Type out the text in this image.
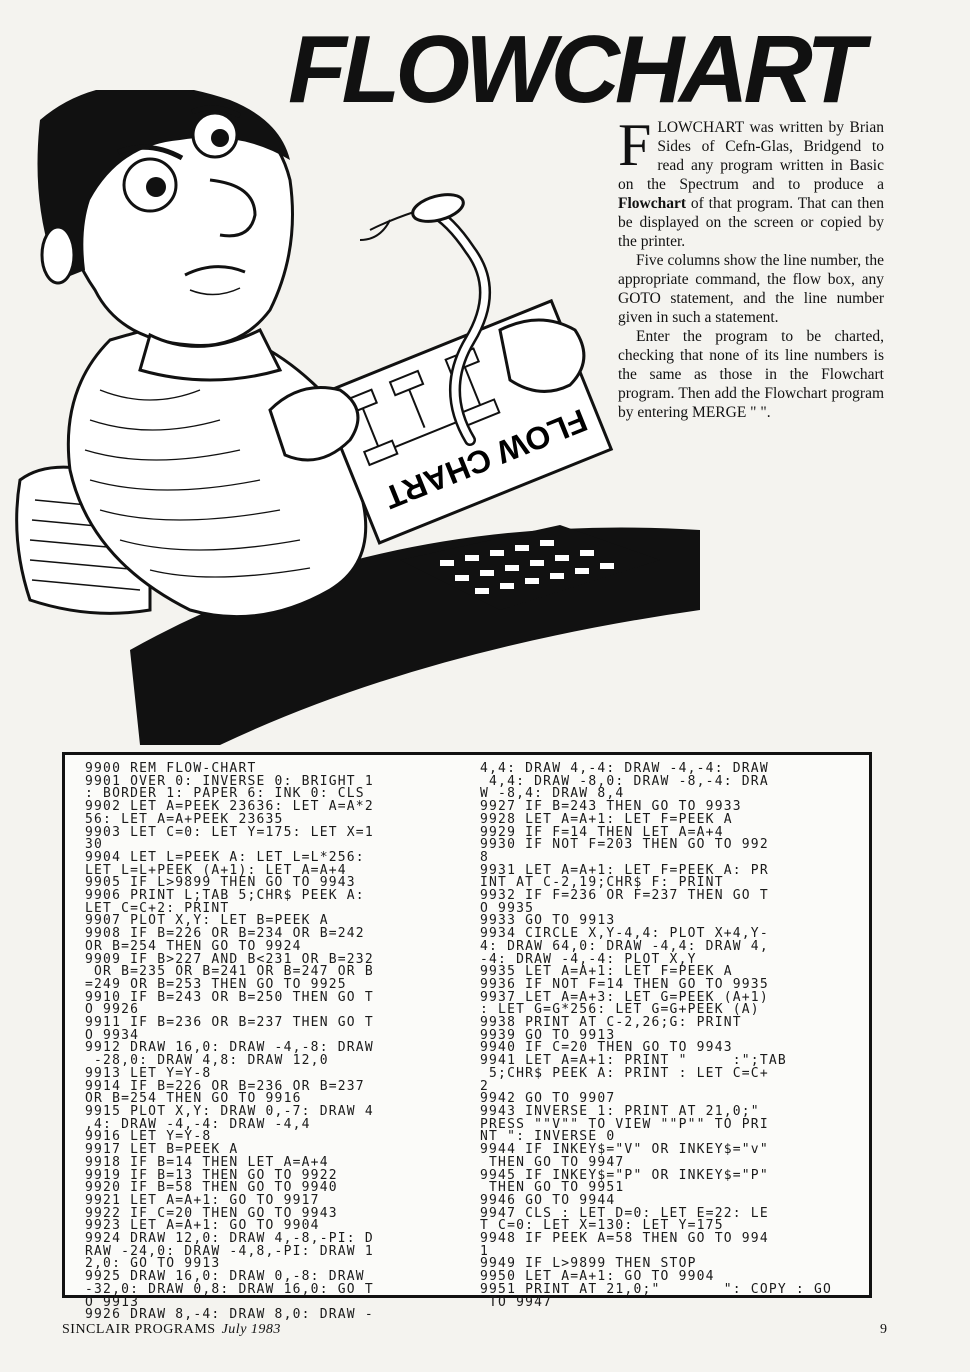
FLOWCHART
FLOW CHART

FLOWCHART was written by Brian Sides of Cefn-Glas, Bridgend to read any program written in Basic on the Spectrum and to produce a Flowchart of that program. That can then be displayed on the screen or copied by the printer.

Five columns show the line number, the appropriate command, the flow box, any GOTO statement, and the line number given in such a statement.

Enter the program to be charted, checking that none of its line numbers is the same as those in the Flowchart program. Then add the Flowchart program by entering MERGE " ".

9900 REM FLOW-CHART
9901 OVER 0: INVERSE 0: BRIGHT 1
: BORDER 1: PAPER 6: INK 0: CLS
9902 LET A=PEEK 23636: LET A=A*2
56: LET A=A+PEEK 23635
9903 LET C=0: LET Y=175: LET X=1
30
9904 LET L=PEEK A: LET L=L*256:
LET L=L+PEEK (A+1): LET A=A+4
9905 IF L>9899 THEN GO TO 9943
9906 PRINT L;TAB 5;CHR$ PEEK A:
LET C=C+2: PRINT
9907 PLOT X,Y: LET B=PEEK A
9908 IF B=226 OR B=234 OR B=242
OR B=254 THEN GO TO 9924
9909 IF B>227 AND B<231 OR B=232
OR B=235 OR B=241 OR B=247 OR B
=249 OR B=253 THEN GO TO 9925
9910 IF B=243 OR B=250 THEN GO T
O 9926
9911 IF B=236 OR B=237 THEN GO T
O 9934
9912 DRAW 16,0: DRAW -4,-8: DRAW
-28,0: DRAW 4,8: DRAW 12,0
9913 LET Y=Y-8
9914 IF B=226 OR B=236 OR B=237
OR B=254 THEN GO TO 9916
9915 PLOT X,Y: DRAW 0,-7: DRAW 4
,4: DRAW -4,-4: DRAW -4,4
9916 LET Y=Y-8
9917 LET B=PEEK A
9918 IF B=14 THEN LET A=A+4
9919 IF B=13 THEN GO TO 9922
9920 IF B=58 THEN GO TO 9940
9921 LET A=A+1: GO TO 9917
9922 IF C=20 THEN GO TO 9943
9923 LET A=A+1: GO TO 9904
9924 DRAW 12,0: DRAW 4,-8,-PI: D
RAW -24,0: DRAW -4,8,-PI: DRAW 1
2,0: GO TO 9913
9925 DRAW 16,0: DRAW 0,-8: DRAW
-32,0: DRAW 0,8: DRAW 16,0: GO T
O 9913
9926 DRAW 8,-4: DRAW 8,0: DRAW -
4,4: DRAW 4,-4: DRAW -4,-4: DRAW
4,4: DRAW -8,0: DRAW -8,-4: DRA
W -8,4: DRAW 8,4
9927 IF B=243 THEN GO TO 9933
9928 LET A=A+1: LET F=PEEK A
9929 IF F=14 THEN LET A=A+4
9930 IF NOT F=203 THEN GO TO 992
8
9931 LET A=A+1: LET F=PEEK A: PR
INT AT C-2,19;CHR$ F: PRINT
9932 IF F=236 OR F=237 THEN GO T
O 9935
9933 GO TO 9913
9934 CIRCLE X,Y-4,4: PLOT X+4,Y-
4: DRAW 64,0: DRAW -4,4: DRAW 4,
-4: DRAW -4,-4: PLOT X,Y
9935 LET A=A+1: LET F=PEEK A
9936 IF NOT F=14 THEN GO TO 9935
9937 LET A=A+3: LET G=PEEK (A+1)
: LET G=G*256: LET G=G+PEEK (A)
9938 PRINT AT C-2,26;G: PRINT
9939 GO TO 9913
9940 IF C=20 THEN GO TO 9943
9941 LET A=A+1: PRINT "     :";TAB
5;CHR$ PEEK A: PRINT : LET C=C+
2
9942 GO TO 9907
9943 INVERSE 1: PRINT AT 21,0;"
PRESS ""V"" TO VIEW ""P"" TO PRI
NT ": INVERSE 0
9944 IF INKEY$="V" OR INKEY$="v"
THEN GO TO 9947
9945 IF INKEY$="P" OR INKEY$="P"
THEN GO TO 9951
9946 GO TO 9944
9947 CLS : LET D=0: LET E=22: LE
T C=0: LET X=130: LET Y=175
9948 IF PEEK A=58 THEN GO TO 994
1
9949 IF L>9899 THEN STOP
9950 LET A=A+1: GO TO 9904
9951 PRINT AT 21,0;"       ": COPY : GO
TO 9947
SINCLAIR PROGRAMS July 1983	9
